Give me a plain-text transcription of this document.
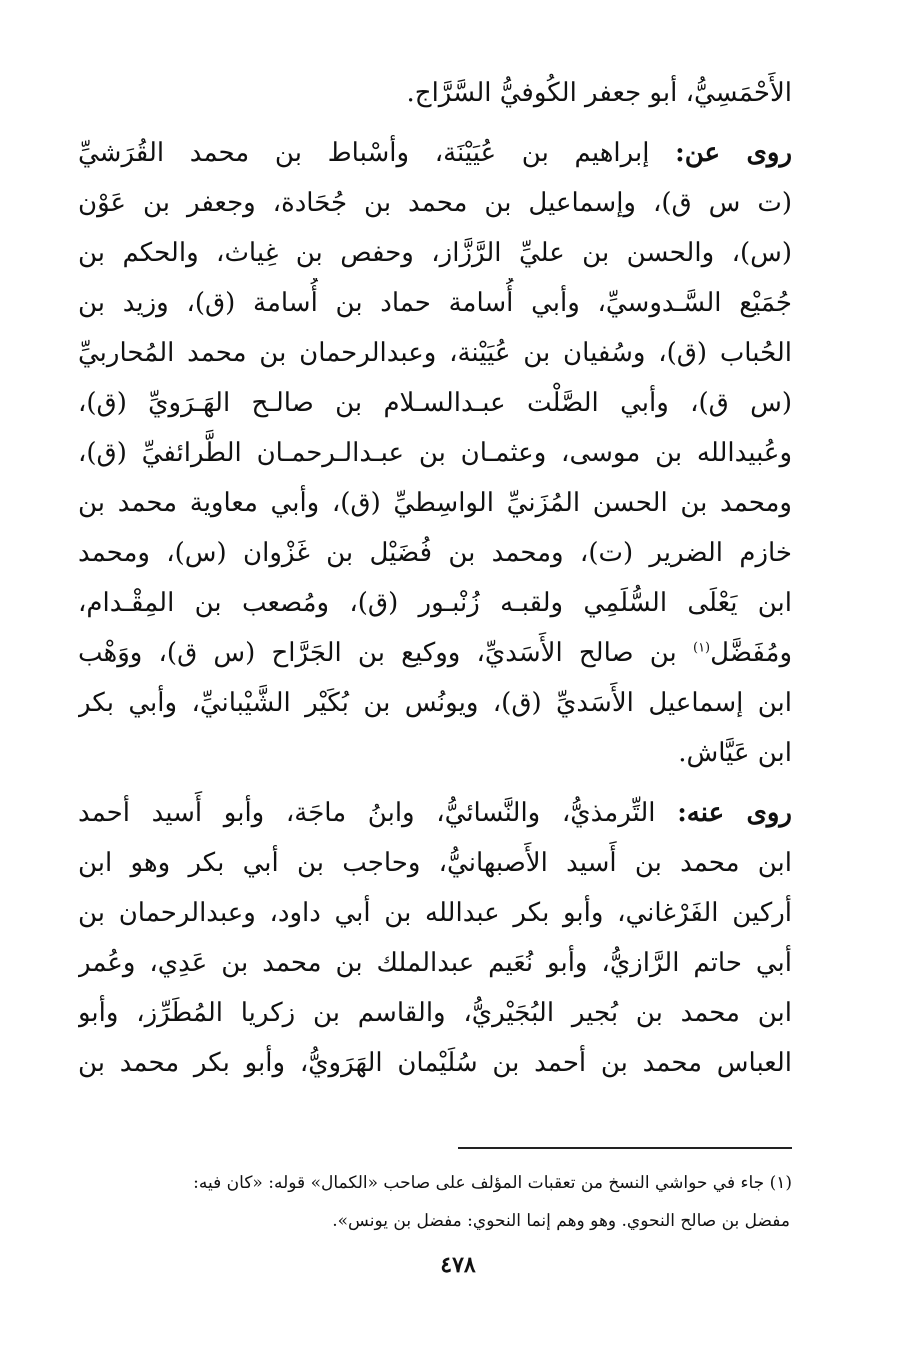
الأَحْمَسِيُّ، أبو جعفر الكُوفيُّ السَّرَّاج.
روى عن: إبراهيم بن عُيَيْنَة، وأسْباط بن محمد القُرَشيِّ
(ت س ق)، وإسماعيل بن محمد بن جُحَادة، وجعفر بن عَوْن
(س)، والحسن بن عليِّ الرَّزَّاز، وحفص بن غِياث، والحكم بن
جُمَيْع السَّـدوسيِّ، وأبي أُسامة حماد بن أُسامة (ق)، وزيد بن
الحُباب (ق)، وسُفيان بن عُيَيْنة، وعبدالرحمان بن محمد المُحاربيِّ
(س ق)، وأبي الصَّلْت عبـدالسـلام بن صالـح الهَـرَويِّ (ق)،
وعُبيدالله بن موسى، وعثمـان بن عبـدالـرحمـان الطَّرائفيِّ (ق)،
ومحمد بن الحسن المُزَنيِّ الواسِطيِّ (ق)، وأبي معاوية محمد بن
خازم الضرير (ت)، ومحمد بن فُضَيْل بن غَزْوان (س)، ومحمد
ابن يَعْلَى السُّلَمِي ولقبـه زُنْبـور (ق)، ومُصعب بن المِقْـدام،
ومُفَضَّل$^{(١)}$ بن صالح الأَسَديِّ، ووكيع بن الجَرَّاح (س ق)، ووَهْب
ابن إسماعيل الأَسَديِّ (ق)، ويونُس بن بُكَيْر الشَّيْبانيِّ، وأبي بكر
ابن عَيَّاش.
روى عنه: التِّرمذيُّ، والنَّسائيُّ، وابنُ ماجَة، وأبو أَسيد أحمد
ابن محمد بن أَسيد الأَصبهانيُّ، وحاجب بن أبي بكر وهو ابن
أركين الفَرْغاني، وأبو بكر عبدالله بن أبي داود، وعبدالرحمان بن
أبي حاتم الرَّازيُّ، وأبو نُعَيم عبدالملك بن محمد بن عَدِي، وعُمر
ابن محمد بن بُجير البُجَيْريُّ، والقاسم بن زكريا المُطَرِّز، وأبو
العباس محمد بن أحمد بن سُلَيْمان الهَرَويُّ، وأبو بكر محمد بن
(١) جاء في حواشي النسخ من تعقبات المؤلف على صاحب «الكمال» قوله: «كان فيه:
مفضل بن صالح النحوي. وهو وهم إنما النحوي: مفضل بن يونس».
٤٧٨
